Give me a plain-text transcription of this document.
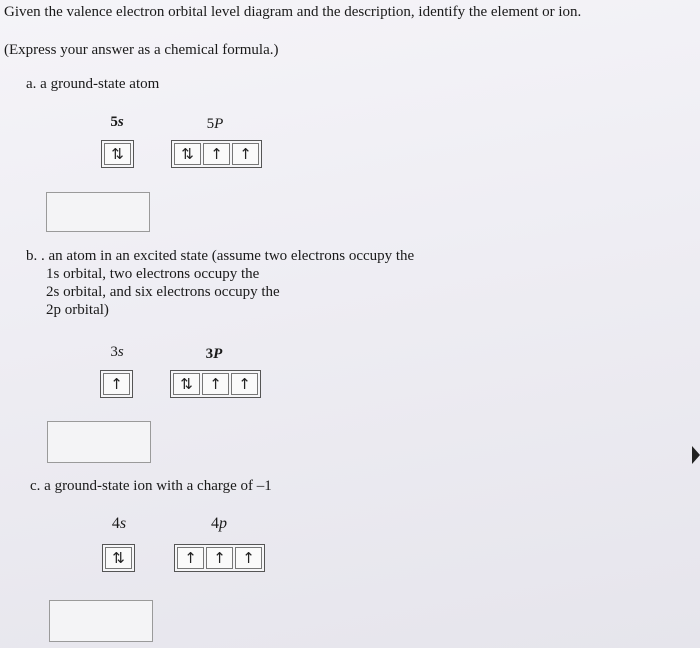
Given the valence electron orbital level diagram and the description, identify the element or ion.
(Express your answer as a chemical formula.)
a. a ground-state atom
5s	5P
⇅	⇅	↑	↑
b. . an atom in an excited state (assume two electrons occupy the
1s orbital, two electrons occupy the
2s orbital, and six electrons occupy the
2p orbital)
3s	3P
↑	⇅	↑	↑
c. a ground-state ion with a charge of –1
4s	4p
⇅	↑	↑	↑
